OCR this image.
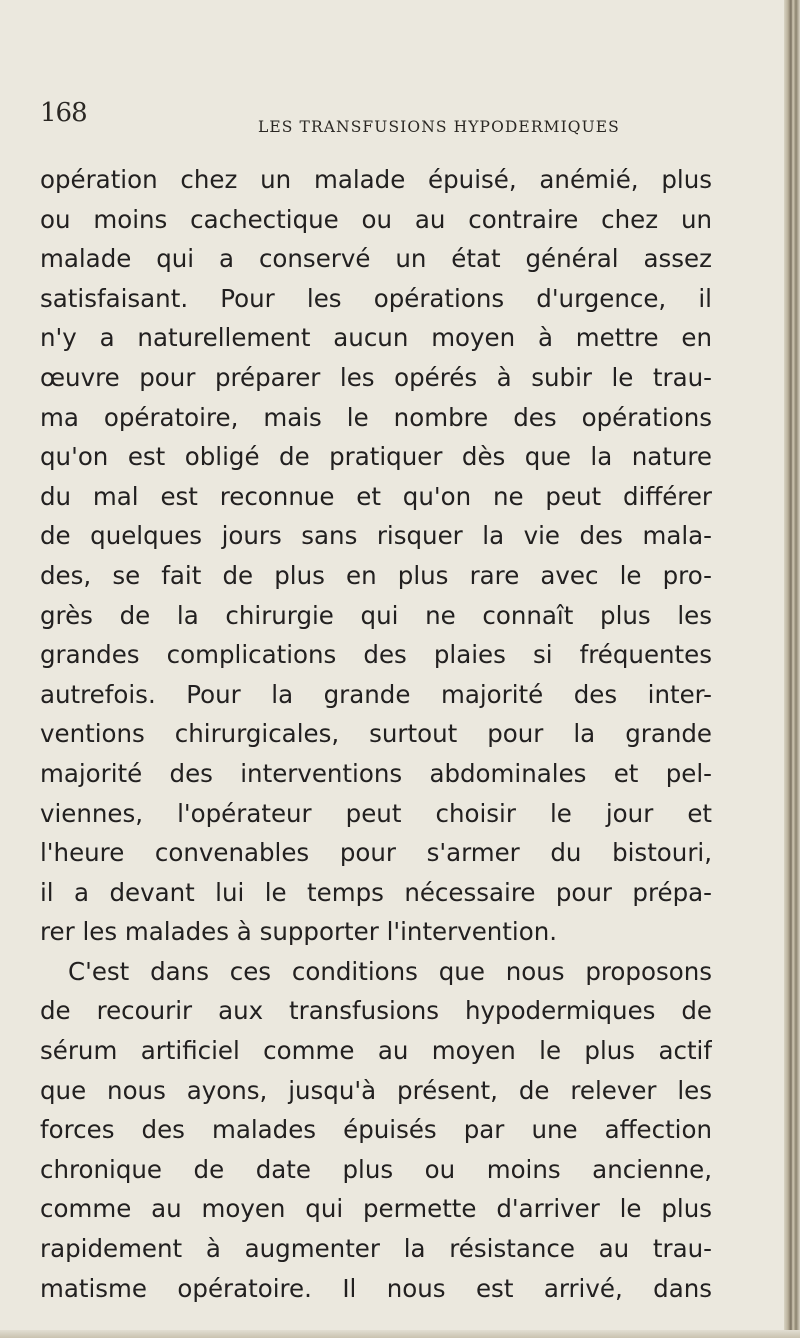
168	LES TRANSFUSIONS HYPODERMIQUES
opération chez un malade épuisé, anémié, plus
ou moins cachectique ou au contraire chez un
malade qui a conservé un état général assez
satisfaisant. Pour les opérations d'urgence, il
n'y a naturellement aucun moyen à mettre en
œuvre pour préparer les opérés à subir le trau-
ma opératoire, mais le nombre des opérations
qu'on est obligé de pratiquer dès que la nature
du mal est reconnue et qu'on ne peut différer
de quelques jours sans risquer la vie des mala-
des, se fait de plus en plus rare avec le pro-
grès de la chirurgie qui ne connaît plus les
grandes complications des plaies si fréquentes
autrefois. Pour la grande majorité des inter-
ventions chirurgicales, surtout pour la grande
majorité des interventions abdominales et pel-
viennes, l'opérateur peut choisir le jour et
l'heure convenables pour s'armer du bistouri,
il a devant lui le temps nécessaire pour prépa-
rer les malades à supporter l'intervention.
C'est dans ces conditions que nous proposons
de recourir aux transfusions hypodermiques de
sérum artificiel comme au moyen le plus actif
que nous ayons, jusqu'à présent, de relever les
forces des malades épuisés par une affection
chronique de date plus ou moins ancienne,
comme au moyen qui permette d'arriver le plus
rapidement à augmenter la résistance au trau-
matisme opératoire. Il nous est arrivé, dans
